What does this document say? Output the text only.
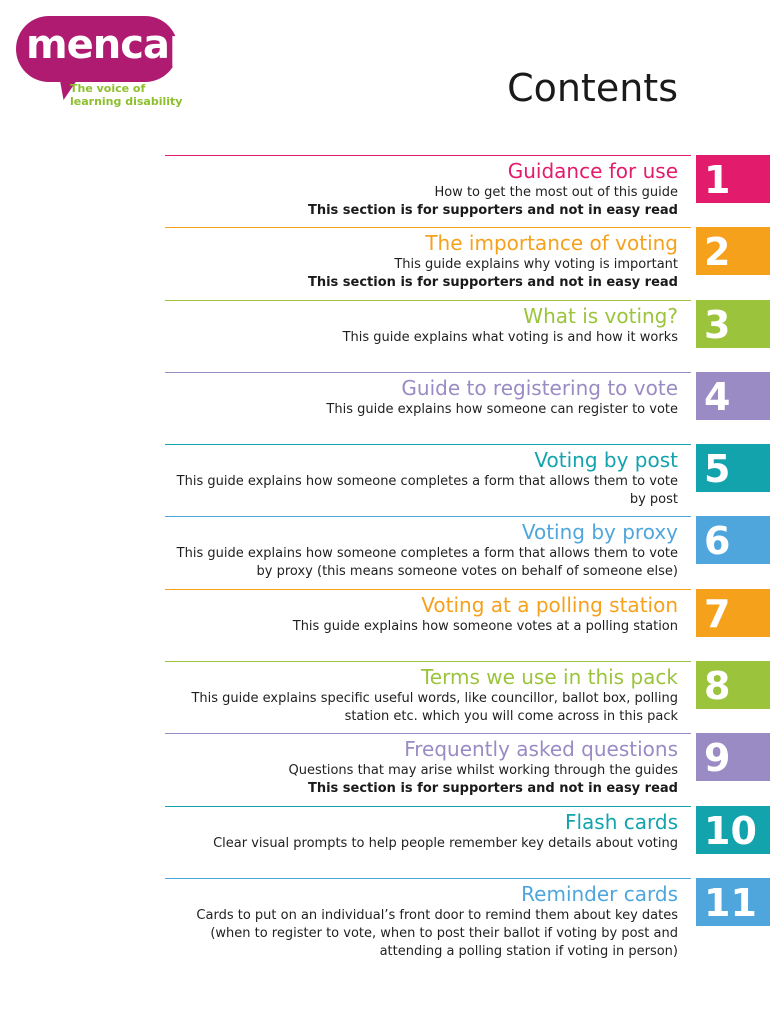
mencap
The voice of
learning disability	Contents
Guidance for use
How to get the most out of this guide
This section is for supporters and not in easy read
1
The importance of voting
This guide explains why voting is important
This section is for supporters and not in easy read
2
What is voting?
This guide explains what voting is and how it works 3
Guide to registering to vote
This guide explains how someone can register to vote 4
Voting by post
This guide explains how someone completes a form that allows them to vote by post
5
Voting by proxy
This guide explains how someone completes a form that allows them to vote by proxy (this means someone votes on behalf of someone else)
6
Voting at a polling station
This guide explains how someone votes at a polling station 7
Terms we use in this pack
This guide explains specific useful words, like councillor, ballot box, polling station etc. which you will come across in this pack
8
Frequently asked questions
Questions that may arise whilst working through the guides
This section is for supporters and not in easy read
9
Flash cards
Clear visual prompts to help people remember key details about voting 10
Reminder cards
Cards to put on an individual’s front door to remind them about key dates (when to register to vote, when to post their ballot if voting by post and attending a polling station if voting in person)
11
